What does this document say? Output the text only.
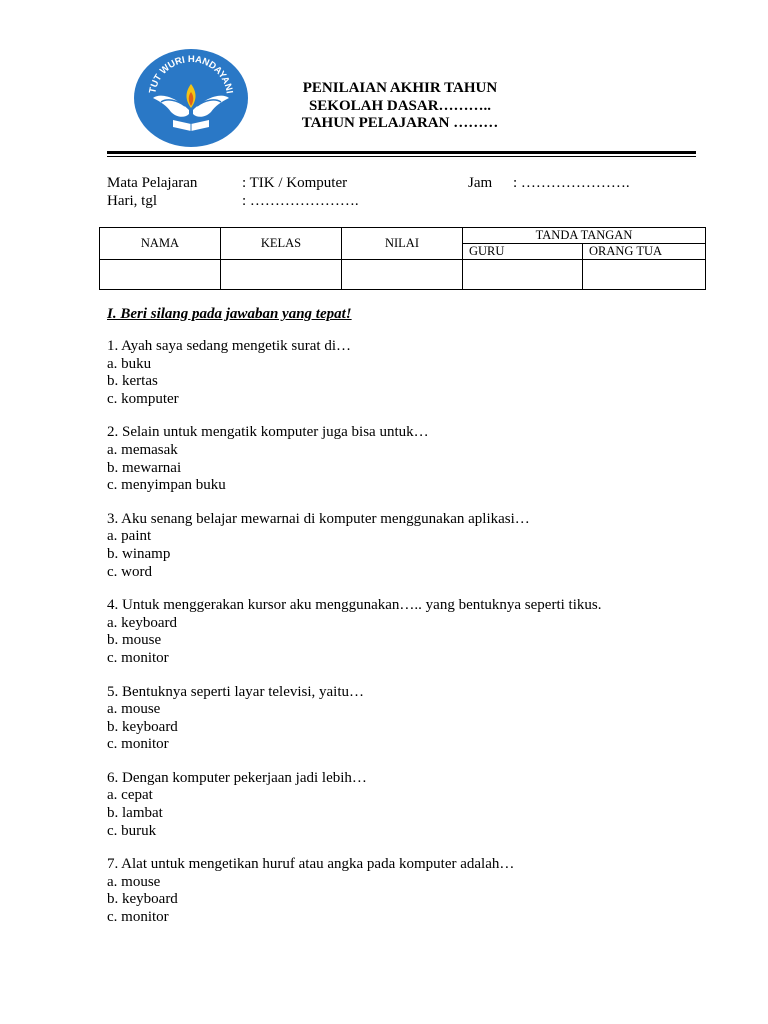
TUT WURI HANDAYANI	PENILAIAN AKHIR TAHUN
SEKOLAH DASAR………..
TAHUN PELAJARAN ………
Mata Pelajaran	: TIK / Komputer	Jam : ………………….
Hari, tgl	: ………………….
NAMA	KELAS	NILAI	TANDA TANGAN	
			GURU	ORANG TUA

I. Beri silang pada jawaban yang tepat!
1. Ayah saya sedang mengetik surat di…
a. buku
b. kertas
c. komputer
2. Selain untuk mengatik komputer juga bisa untuk…
a. memasak
b. mewarnai
c. menyimpan buku
3. Aku senang belajar mewarnai di komputer menggunakan aplikasi…
a. paint
b. winamp
c. word
4. Untuk menggerakan kursor aku menggunakan….. yang bentuknya seperti tikus.
a. keyboard
b. mouse
c. monitor
5. Bentuknya seperti layar televisi, yaitu…
a. mouse
b. keyboard
c. monitor
6. Dengan komputer pekerjaan jadi lebih…
a. cepat
b. lambat
c. buruk
7. Alat untuk mengetikan huruf atau angka pada komputer adalah…
a. mouse
b. keyboard
c. monitor
